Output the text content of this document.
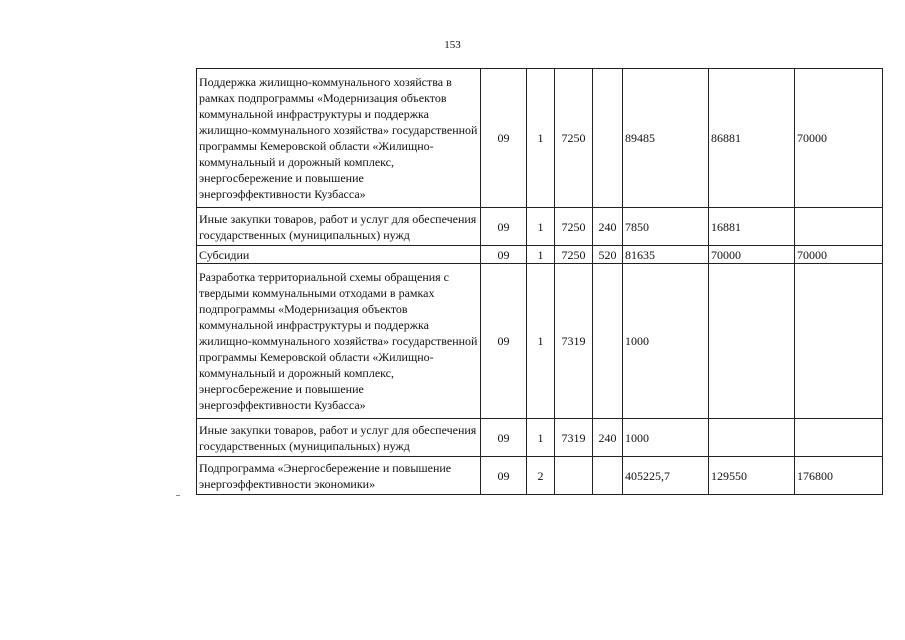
153
Поддержка жилищно-коммунального хозяйства в рамках подпрограммы «Модернизация объектов коммунальной инфраструктуры и поддержка жилищно-коммунального хозяйства» государственной программы Кемеровской области «Жилищно-коммунальный и дорожный комплекс, энергосбережение и повышение энергоэффективности Кузбасса»	09	1	7250		89485	86881	70000
Иные закупки товаров, работ и услуг для обеспечения государственных (муниципальных) нужд	09	1	7250	240	7850	16881	
Субсидии	09	1	7250	520	81635	70000	70000
Разработка территориальной схемы обращения с твердыми коммунальными отходами в рамках подпрограммы «Модернизация объектов коммунальной инфраструктуры и поддержка жилищно-коммунального хозяйства» государственной программы Кемеровской области «Жилищно-коммунальный и дорожный комплекс, энергосбережение и повышение энергоэффективности Кузбасса»	09	1	7319		1000		
Иные закупки товаров, работ и услуг для обеспечения государственных (муниципальных) нужд	09	1	7319	240	1000		
Подпрограмма «Энергосбережение и повышение энергоэффективности экономики»	09	2			405225,7	129550	176800
